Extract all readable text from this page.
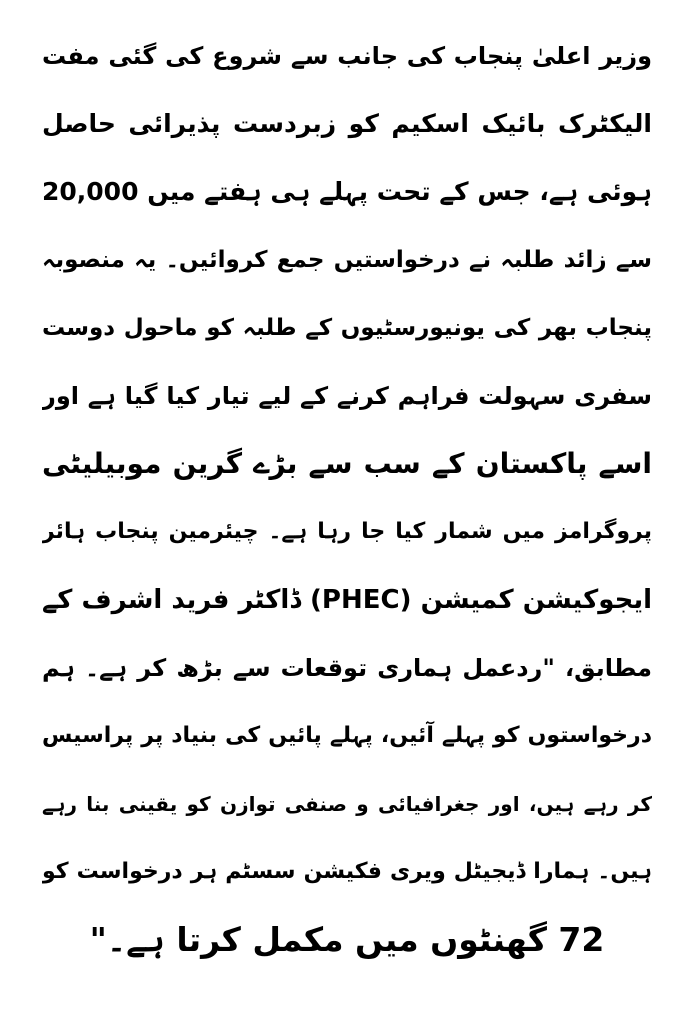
وزیر اعلیٰ پنجاب کی جانب سے شروع کی گئی مفت
الیکٹرک بائیک اسکیم کو زبردست پذیرائی حاصل
ہوئی ہے، جس کے تحت پہلے ہی ہفتے میں 20,000
سے زائد طلبہ نے درخواستیں جمع کروائیں۔ یہ منصوبہ
پنجاب بھر کی یونیورسٹیوں کے طلبہ کو ماحول دوست
سفری سہولت فراہم کرنے کے لیے تیار کیا گیا ہے اور
اسے پاکستان کے سب سے بڑے گرین موبیلیٹی
پروگرامز میں شمار کیا جا رہا ہے۔ چیئرمین پنجاب ہائر
ایجوکیشن کمیشن (PHEC) ڈاکٹر فرید اشرف کے
مطابق، "ردعمل ہماری توقعات سے بڑھ کر ہے۔ ہم
درخواستوں کو پہلے آئیں، پہلے پائیں کی بنیاد پر پراسیس
کر رہے ہیں، اور جغرافیائی و صنفی توازن کو یقینی بنا رہے
ہیں۔ ہمارا ڈیجیٹل ویری فکیشن سسٹم ہر درخواست کو
72 گھنٹوں میں مکمل کرتا ہے۔"
